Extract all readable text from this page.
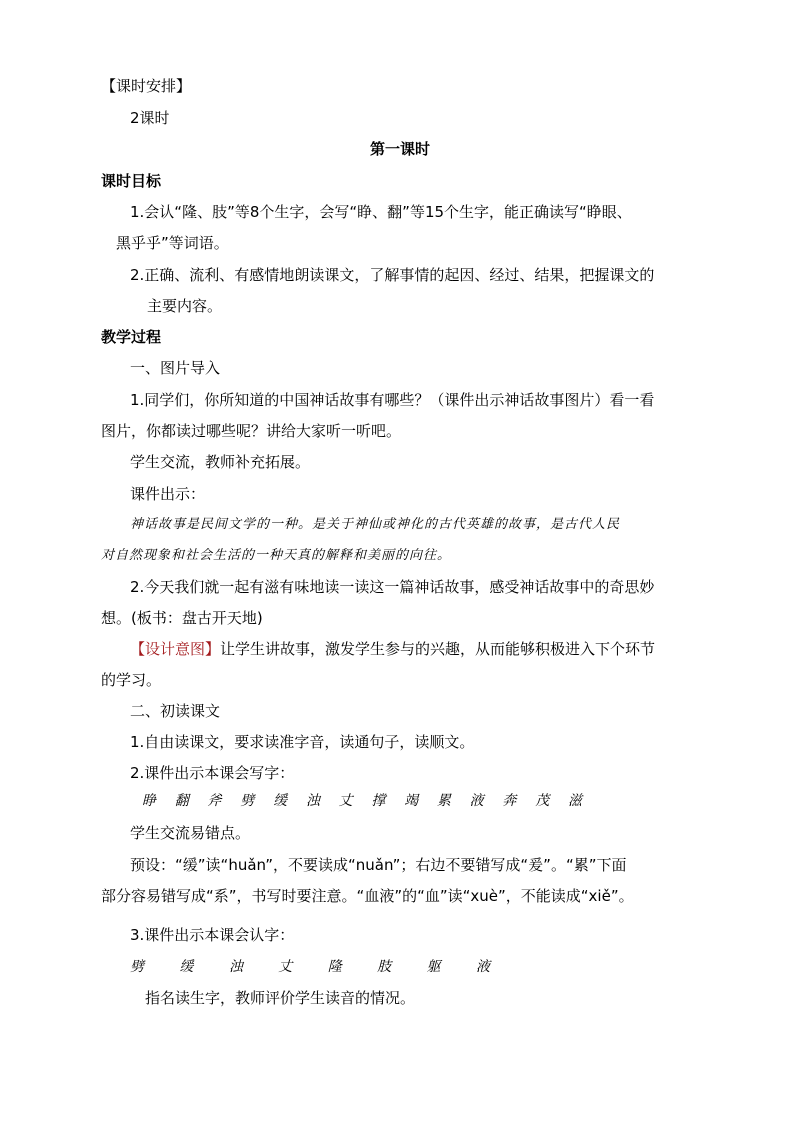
【课时安排】
2课时
第一课时
课时目标
1.会认“隆、肢”等8个生字，会写“睁、翻”等15个生字，能正确读写“睁眼、
黑乎乎”等词语。
2.正确、流利、有感情地朗读课文，了解事情的起因、经过、结果，把握课文的
主要内容。
教学过程
一、图片导入
1.同学们，你所知道的中国神话故事有哪些？（课件出示神话故事图片）看一看
图片，你都读过哪些呢？讲给大家听一听吧。
学生交流，教师补充拓展。
课件出示：
神话故事是民间文学的一种。是关于神仙或神化的古代英雄的故事，是古代人民
对自然现象和社会生活的一种天真的解释和美丽的向往。
2.今天我们就一起有滋有味地读一读这一篇神话故事，感受神话故事中的奇思妙
想。(板书：盘古开天地)
【设计意图】让学生讲故事，激发学生参与的兴趣，从而能够积极进入下个环节
的学习。
二、初读课文
1.自由读课文，要求读准字音，读通句子，读顺文。
2.课件出示本课会写字：
睁 翻 斧 劈 缓 浊 丈 撑 竭 累 液 奔 茂 滋
学生交流易错点。
预设：“缓”读“huǎn”，不要读成“nuǎn”；右边不要错写成“爰”。“累”下面
部分容易错写成“系”，书写时要注意。“血液”的“血”读“xuè”，不能读成“xiě”。
3.课件出示本课会认字：
劈	缓	浊	丈	隆	肢	躯	液
指名读生字，教师评价学生读音的情况。
